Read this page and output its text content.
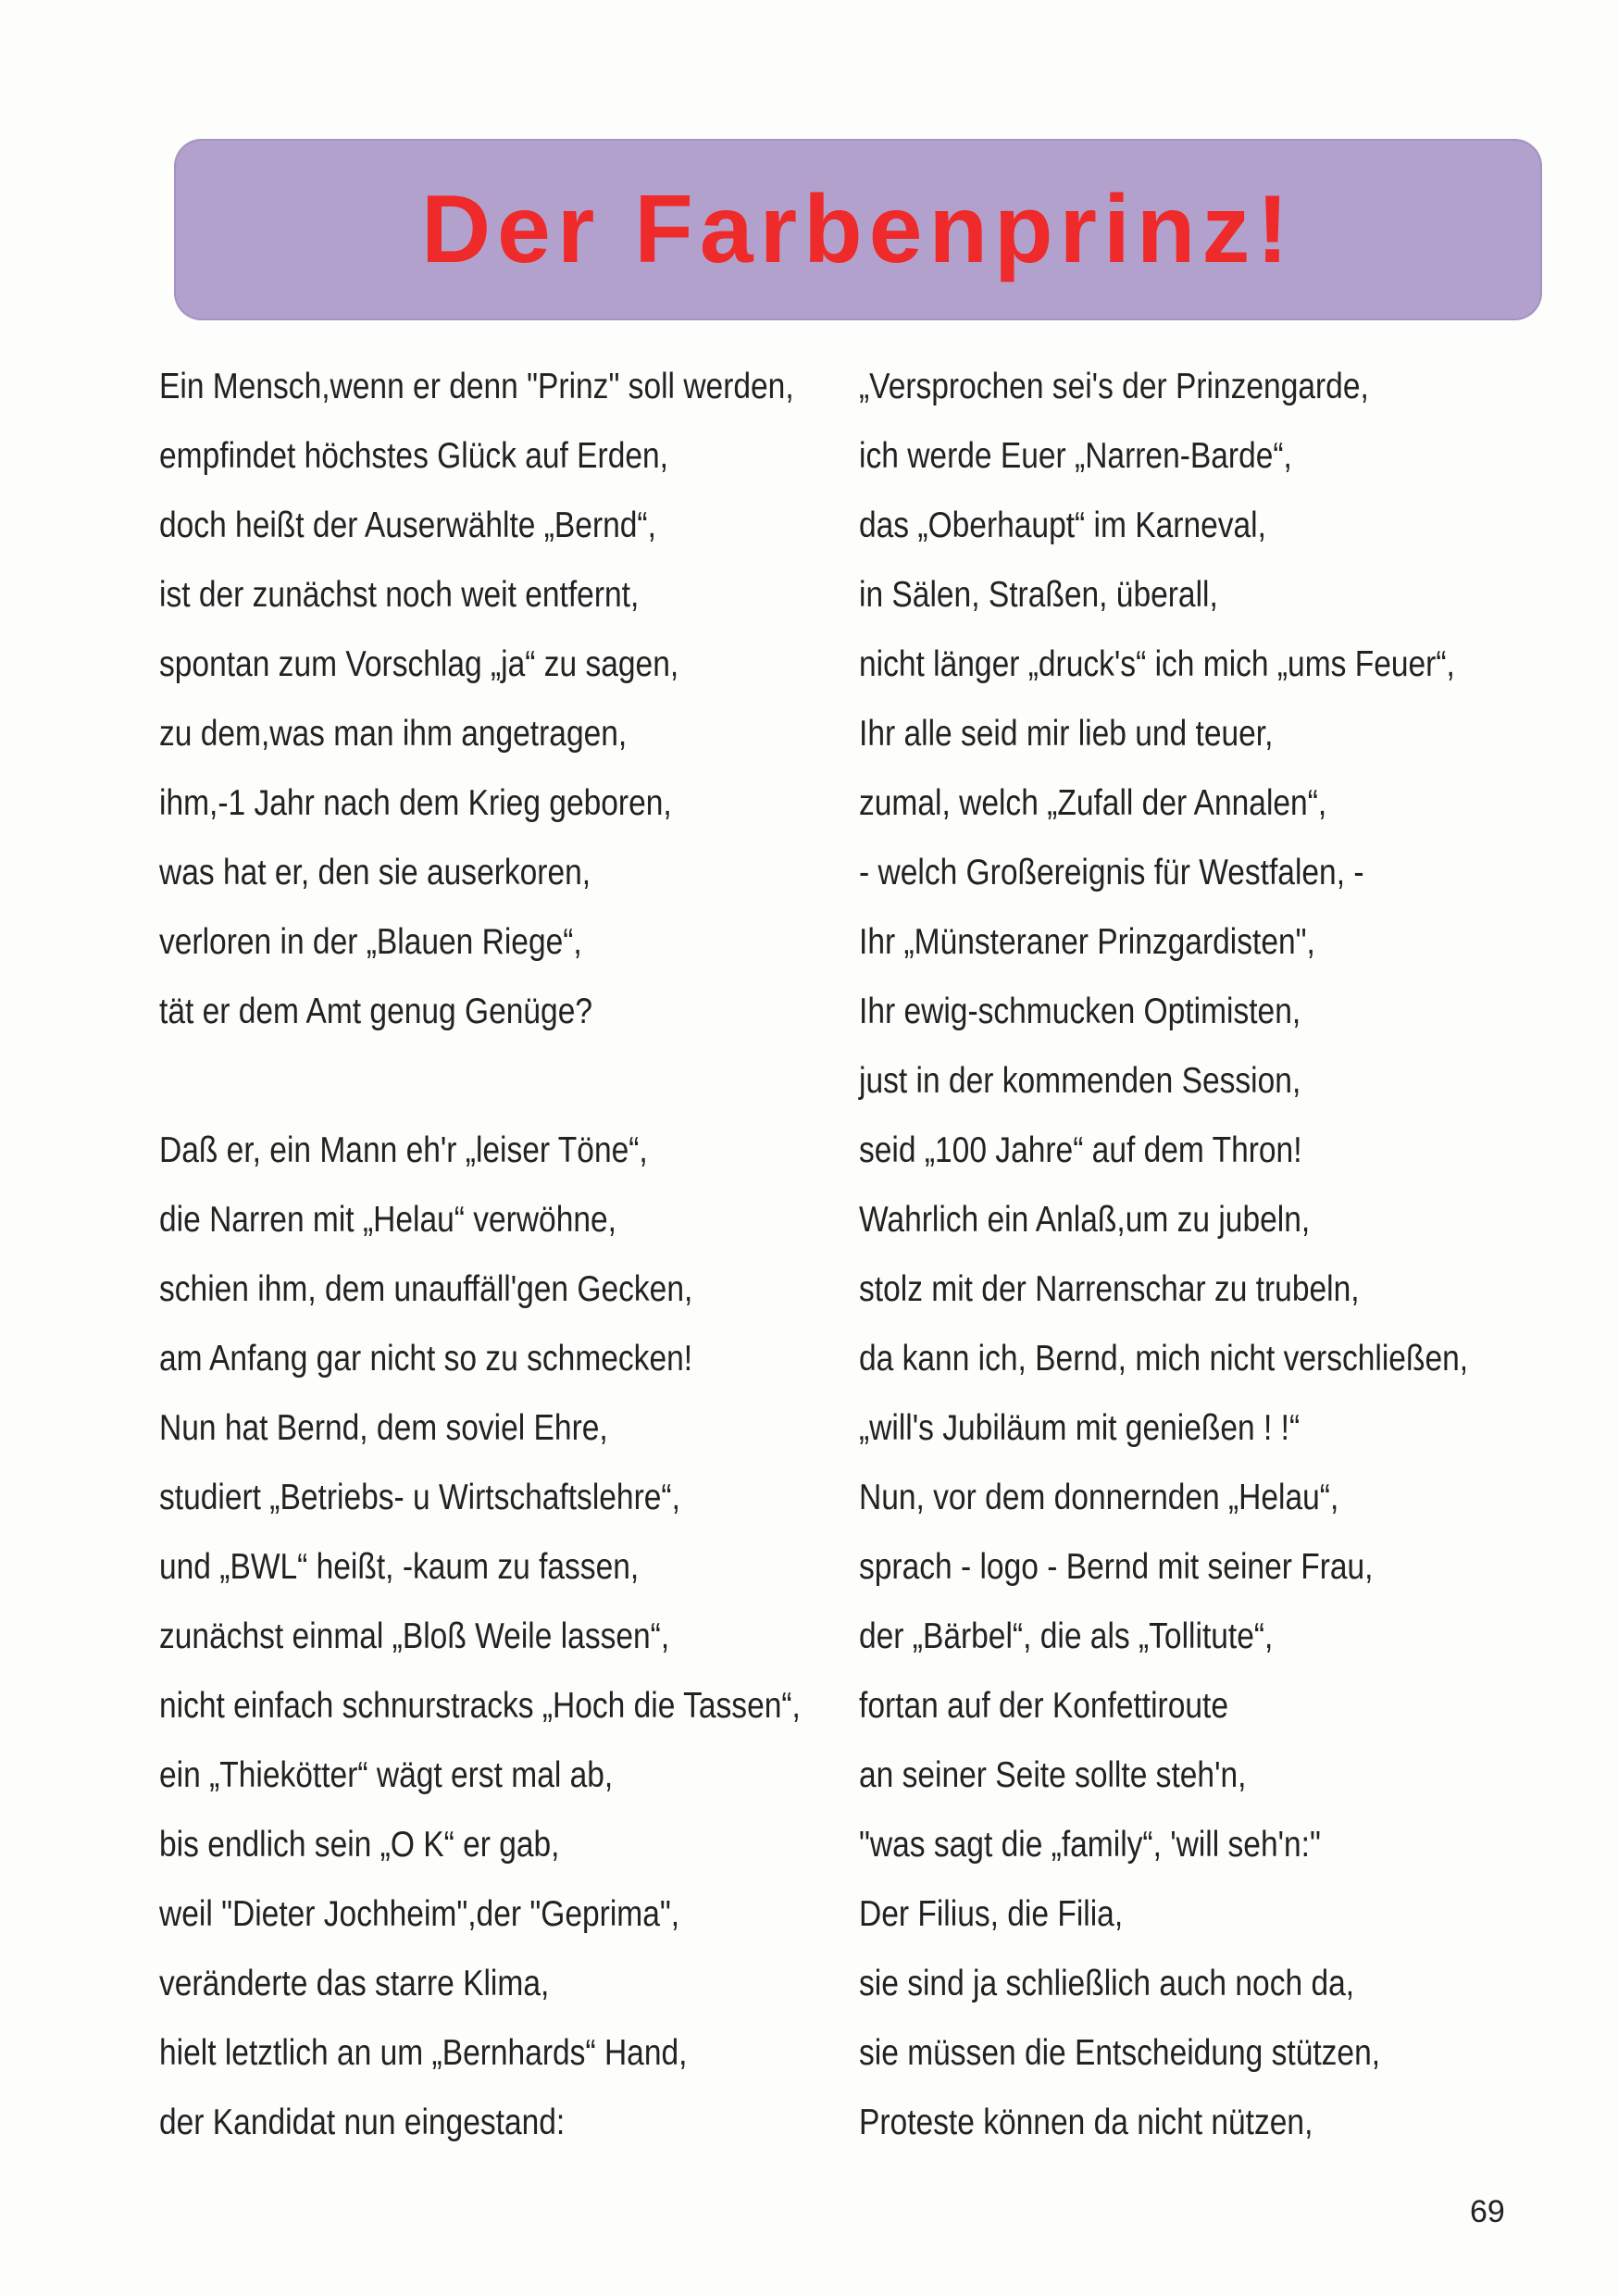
Der Farbenprinz!
Ein Mensch,wenn er denn "Prinz" soll werden,
empfindet höchstes Glück auf Erden,
doch heißt der Auserwählte „Bernd“,
ist der zunächst noch weit entfernt,
spontan zum Vorschlag „ja“ zu sagen,
zu dem,was man ihm angetragen,
ihm,-1 Jahr nach dem Krieg geboren,
was hat er, den sie auserkoren,
verloren in der „Blauen Riege“,
tät er dem Amt genug Genüge?
Daß er, ein Mann eh'r „leiser Töne“,
die Narren mit „Helau“ verwöhne,
schien ihm, dem unauffäll'gen Gecken,
am Anfang gar nicht so zu schmecken!
Nun hat Bernd, dem soviel Ehre,
studiert „Betriebs- u Wirtschaftslehre“,
und „BWL“ heißt, -kaum zu fassen,
zunächst einmal „Bloß Weile lassen“,
nicht einfach schnurstracks „Hoch die Tassen“,
ein „Thiekötter“ wägt erst mal ab,
bis endlich sein „O K“ er gab,
weil "Dieter Jochheim",der "Geprima",
veränderte das starre Klima,
hielt letztlich an um „Bernhards“ Hand,
der Kandidat nun eingestand:
„Versprochen sei's der Prinzengarde,
ich werde Euer „Narren-Barde“,
das „Oberhaupt“ im Karneval,
in Sälen, Straßen, überall,
nicht länger „druck's“ ich mich „ums Feuer“,
Ihr alle seid mir lieb und teuer,
zumal, welch „Zufall der Annalen“,
- welch Großereignis für Westfalen, -
Ihr „Münsteraner Prinzgardisten",
Ihr ewig-schmucken Optimisten,
just in der kommenden Session,
seid „100 Jahre“ auf dem Thron!
Wahrlich ein Anlaß,um zu jubeln,
stolz mit der Narrenschar zu trubeln,
da kann ich, Bernd, mich nicht verschließen,
„will's Jubiläum mit genießen ! !“
Nun, vor dem donnernden „Helau“,
sprach - logo - Bernd mit seiner Frau,
der „Bärbel“, die als „Tollitute“,
fortan auf der Konfettiroute
an seiner Seite sollte steh'n,
"was sagt die „family“, 'will seh'n:"
Der Filius, die Filia,
sie sind ja schließlich auch noch da,
sie müssen die Entscheidung stützen,
Proteste können da nicht nützen,
69
